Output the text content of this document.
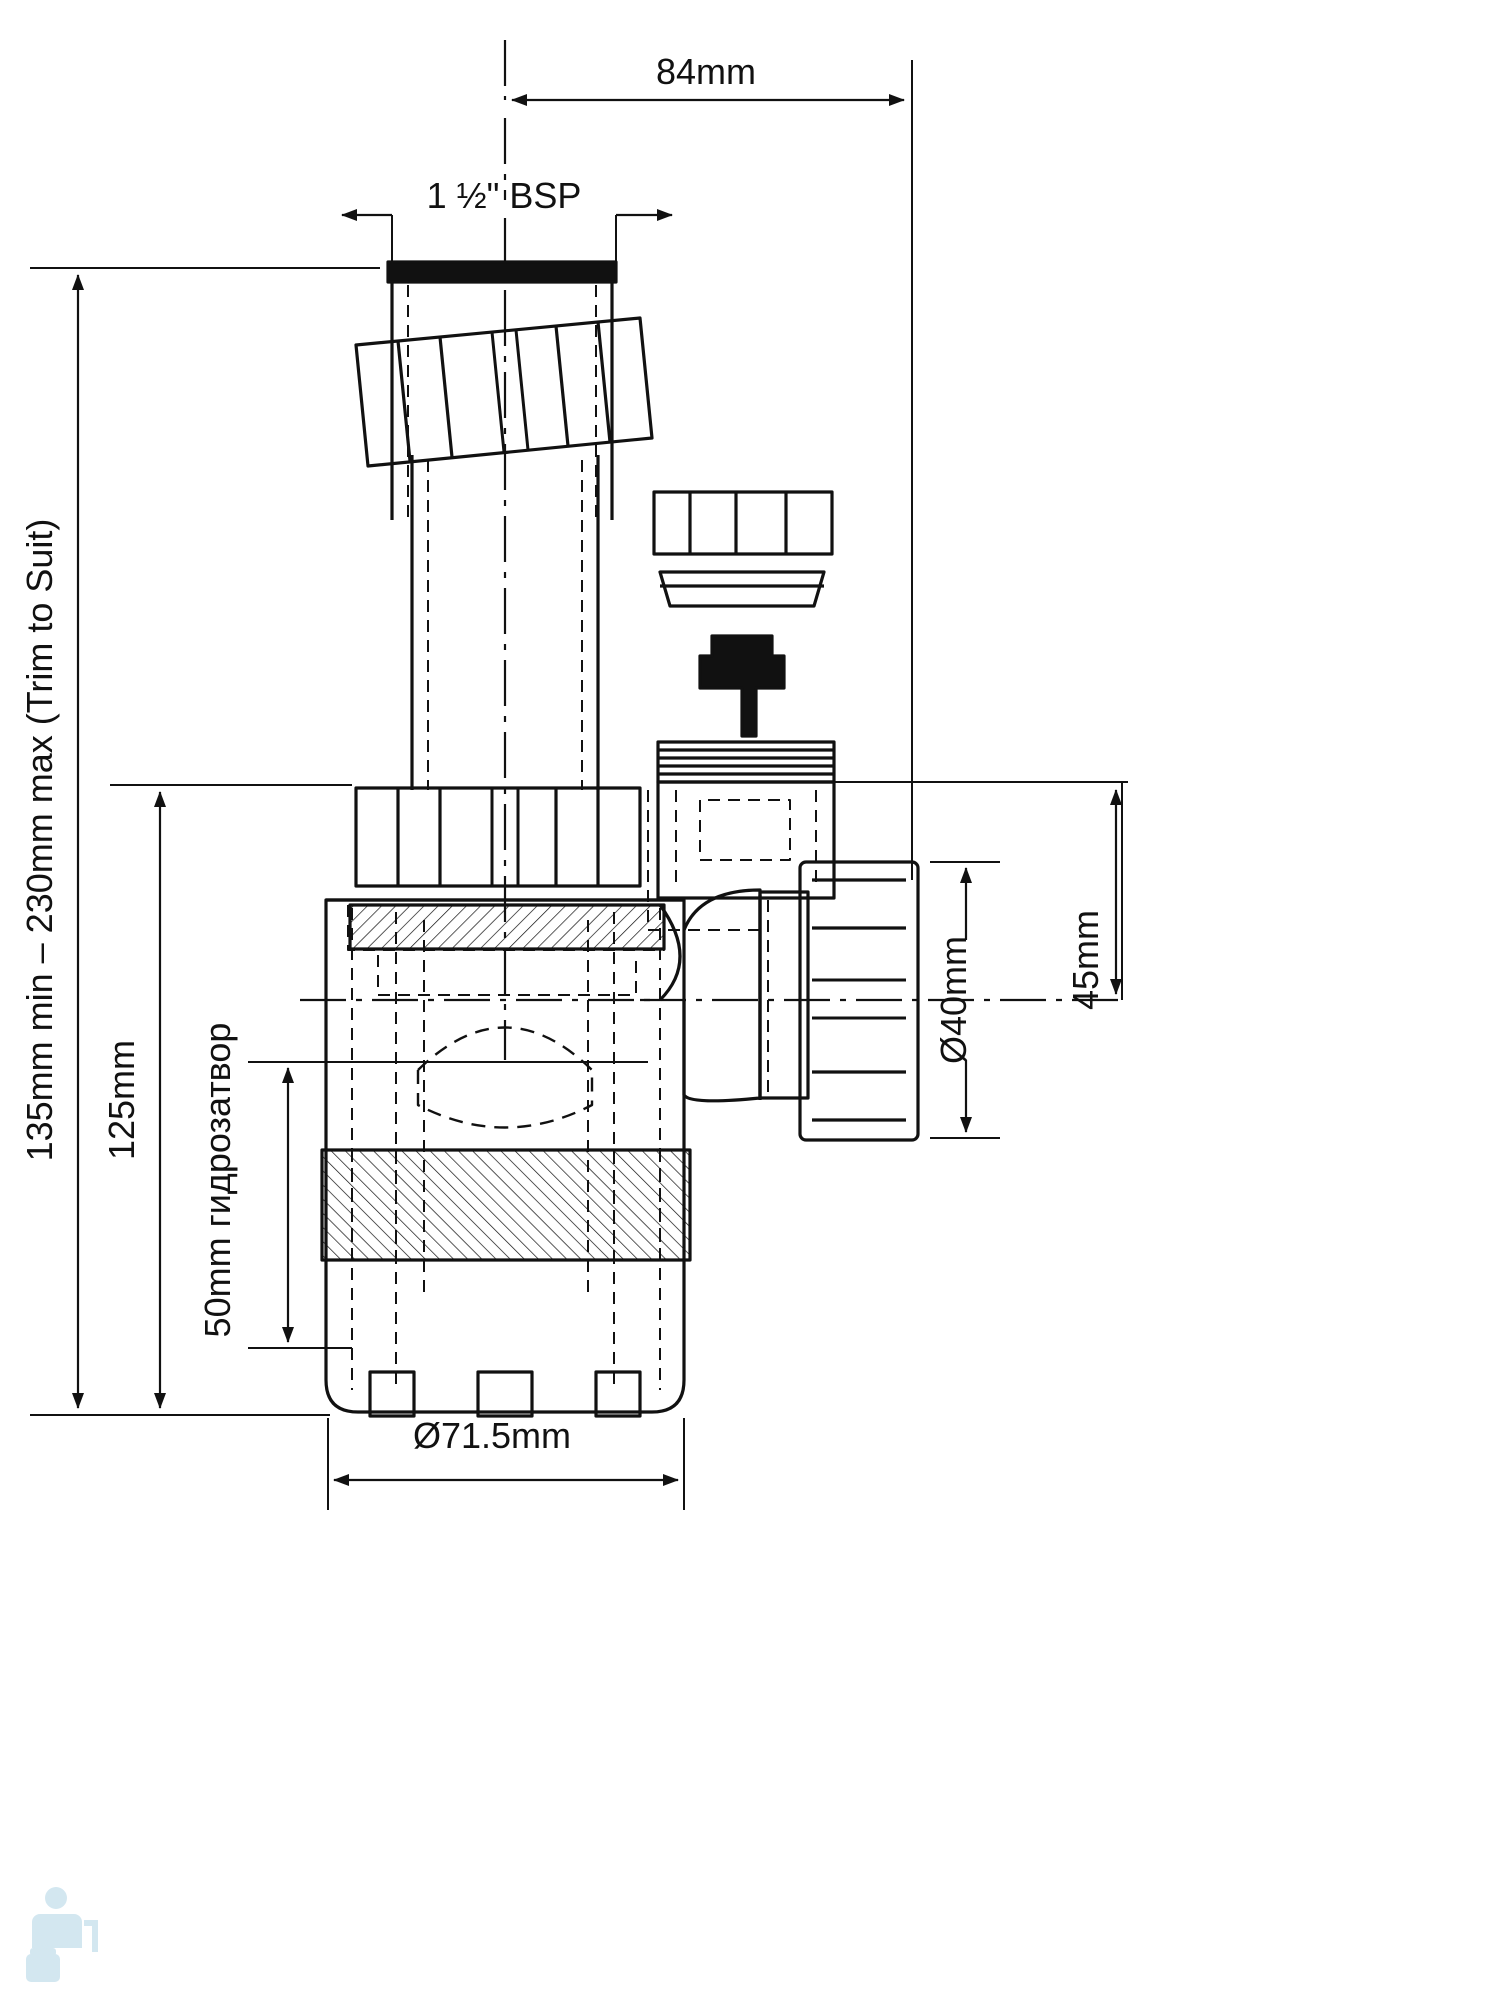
84mm
1 ½" BSP
135mm min – 230mm max (Trim to Suit) 125mm 50mm гидрозатвор
45mm
Ø40mm
Ø71.5mm
